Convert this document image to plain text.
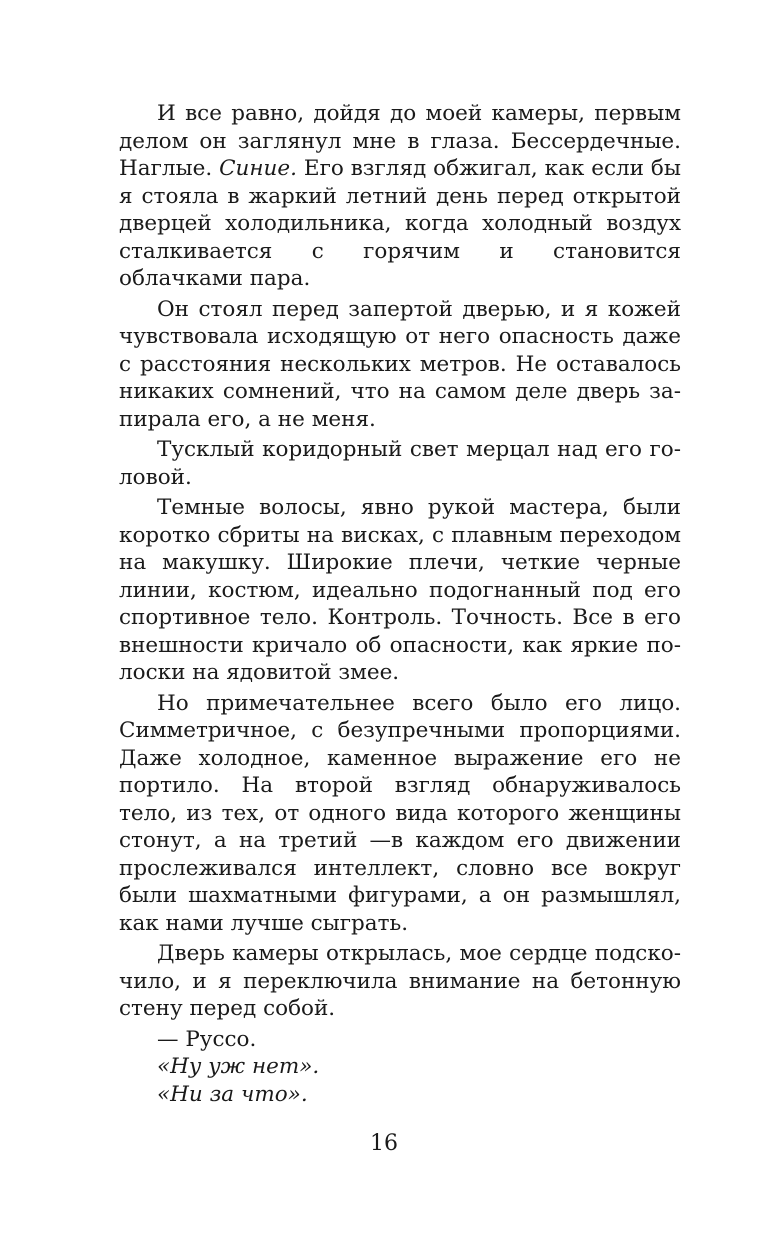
И все равно, дойдя до моей камеры, первым делом он заглянул мне в глаза. Бессердечные. Наглые. Синие. Его взгляд обжигал, как если бы я стояла в жаркий летний день перед открытой дверцей холодильника, когда холодный воздух сталкивается с горячим и становится облачками пара.

Он стоял перед запертой дверью, и я кожей чувствовала исходящую от него опасность даже с расстояния нескольких метров. Не оставалось никаких сомнений, что на самом деле дверь запирала его, а не меня.

Тусклый коридорный свет мерцал над его головой.

Темные волосы, явно рукой мастера, были коротко сбриты на висках, с плавным переходом на макушку. Широкие плечи, четкие черные линии, костюм, идеально подогнанный под его спортивное тело. Контроль. Точность. Все в его внешности кричало об опасности, как яркие полоски на ядовитой змее.

Но примечательнее всего было его лицо. Симметричное, с безупречными пропорциями. Даже холодное, каменное выражение его не портило. На второй взгляд обнаруживалось тело, из тех, от одного вида которого женщины стонут, а на третий —в каждом его движении прослеживался интеллект, словно все вокруг были шахматными фигурами, а он размышлял, как нами лучше сыграть.

Дверь камеры открылась, мое сердце подскочило, и я переключила внимание на бетонную стену перед собой.

— Руссо.

«Ну уж нет».

«Ни за что».

16
